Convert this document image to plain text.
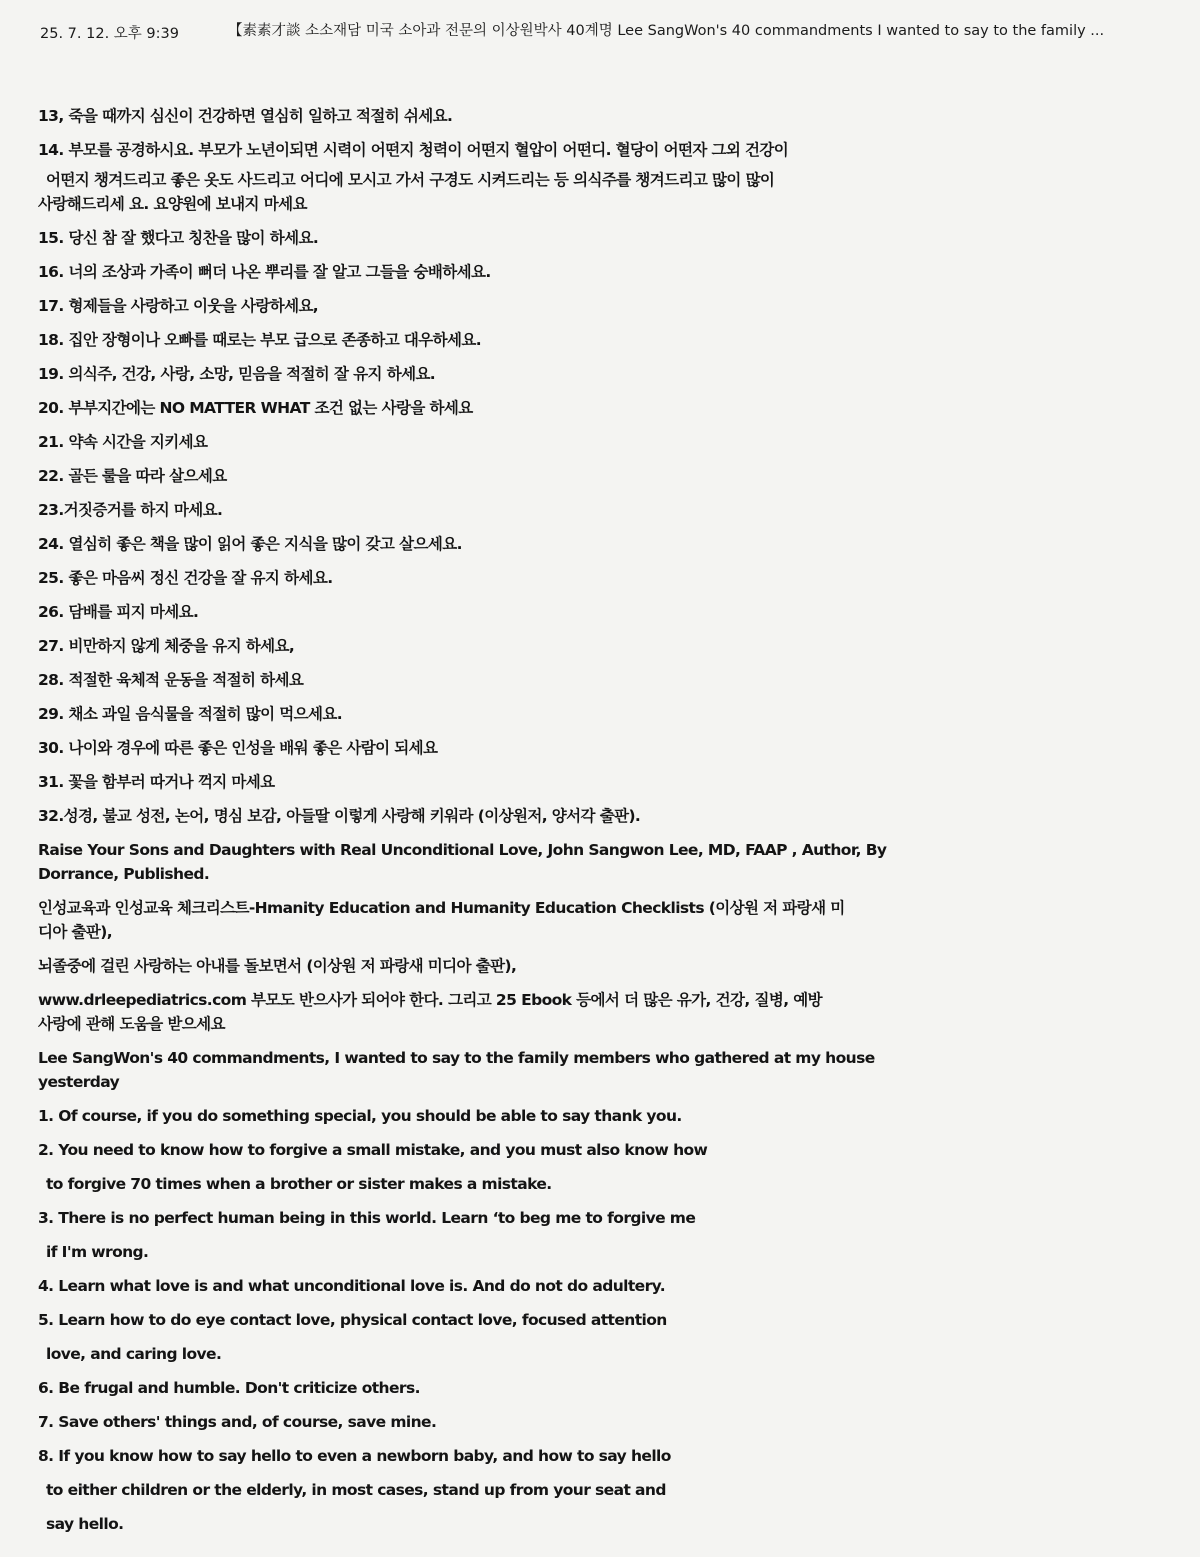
25. 7. 12. 오후 9:39	【素素才談 소소재담 미국 소아과 전문의 이상원박사 40계명 Lee SangWon's 40 commandments I wanted to say to the family ...
13, 죽을 때까지 심신이 건강하면 열심히 일하고 적절히 쉬세요.
14. 부모를 공경하시요. 부모가 노년이되면 시력이 어떤지 청력이 어떤지 혈압이 어떤디. 혈당이 어떤자 그외 건강이
어떤지 챙겨드리고 좋은 옷도 사드리고 어디에 모시고 가서 구경도 시켜드리는 등 의식주를 챙겨드리고 많이 많이
사랑해드리세 요. 요양원에 보내지 마세요
15. 당신 참 잘 했다고 칭찬을 많이 하세요.
16. 너의 조상과 가족이 뻐더 나온 뿌리를 잘 알고 그들을 숭배하세요.
17. 형제들을 사랑하고 이웃을 사랑하세요,
18. 집안 장형이나 오빠를 때로는 부모 급으로 존종하고 대우하세요.
19. 의식주, 건강, 사랑, 소망, 믿음을 적절히 잘 유지 하세요.
20. 부부지간에는 NO MATTER WHAT 조건 없는 사랑을 하세요
21. 약속 시간을 지키세요
22. 골든 룰을 따라 살으세요
23.거짓증거를 하지 마세요.
24. 열심히 좋은 책을 많이 읽어 좋은 지식을 많이 갖고 살으세요.
25. 좋은 마음씨 정신 건강을 잘 유지 하세요.
26. 담배를 피지 마세요.
27. 비만하지 않게 체중을 유지 하세요,
28. 적절한 육체적 운동을 적절히 하세요
29. 채소 과일 음식물을 적절히 많이 먹으세요.
30. 나이와 경우에 따른 좋은 인성을 배워 좋은 사람이 되세요
31. 꽃을 함부러 따거나 꺽지 마세요
32.성경, 불교 성전, 논어, 명심 보감, 아들딸 이렇게 사랑해 키워라 (이상원저, 양서각 출판).
Raise Your Sons and Daughters with Real Unconditional Love, John Sangwon Lee, MD, FAAP , Author, By
Dorrance, Published.
인성교육과 인성교육 체크리스트-Hmanity Education and Humanity Education Checklists (이상원 저 파랑새 미
디아 출판),
뇌졸중에 걸린 사랑하는 아내를 돌보면서 (이상원 저 파랑새 미디아 출판),
www.drleepediatrics.com 부모도 반으사가 되어야 한다. 그리고 25 Ebook 등에서 더 많은 유가, 건강, 질병, 예방
사랑에 관해 도움을 받으세요
Lee SangWon's 40 commandments, I wanted to say to the family members who gathered at my house
yesterday
1. Of course, if you do something special, you should be able to say thank you.
2. You need to know how to forgive a small mistake, and you must also know how
to forgive 70 times when a brother or sister makes a mistake.
3. There is no perfect human being in this world. Learn ‘to beg me to forgive me
if I'm wrong.
4. Learn what love is and what unconditional love is. And do not do adultery.
5. Learn how to do eye contact love, physical contact love, focused attention
love, and caring love.
6. Be frugal and humble. Don't criticize others.
7. Save others' things and, of course, save mine.
8. If you know how to say hello to even a newborn baby, and how to say hello
to either children or the elderly, in most cases, stand up from your seat and
say hello.
